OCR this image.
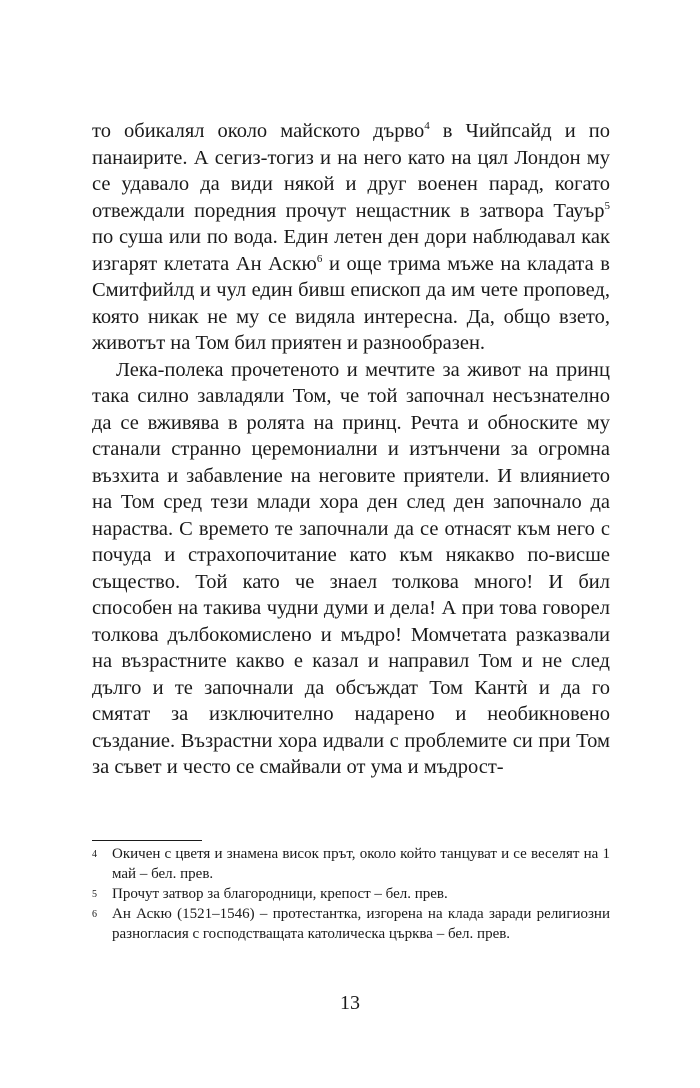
то обикалял около майското дърво$^4$ в Чийпсайд и по панаирите. А сегиз-тогиз и на него като на цял Лондон му се удавало да види някой и друг военен парад, когато отвеждали поредния прочут нещастник в затвора Тауър$^5$ по суша или по вода. Един летен ден дори наблюдавал как изгарят клетата Ан Аскю$^6$ и още трима мъже на кладата в Смитфийлд и чул един бивш епископ да им чете проповед, която никак не му се видяла интересна. Да, общо взето, животът на Том бил приятен и разнообразен.

Лека-полека прочетеното и мечтите за живот на принц така силно завладяли Том, че той започнал несъзнателно да се вживява в ролята на принц. Речта и обноските му станали странно церемониални и изтънчени за огромна възхита и забавление на неговите приятели. И влиянието на Том сред тези млади хора ден след ден започнало да нараства. С времето те започнали да се отнасят към него с почуда и страхопочитание като към някакво по-висше същество. Той като че знаел толкова много! И бил способен на такива чудни думи и дела! А при това говорел толкова дълбокомислено и мъдро! Момчетата разказвали на възрастните какво е казал и направил Том и не след дълго и те започнали да обсъждат Том Кантѝ и да го смятат за изключително надарено и необикновено създание. Възрастни хора идвали с проблемите си при Том за съвет и често се смайвали от ума и мъдрост-

4 Окичен с цветя и знамена висок прът, около който танцуват и се веселят на 1 май – бел. прев.
5 Прочут затвор за благородници, крепост – бел. прев.
6 Ан Аскю (1521–1546) – протестантка, изгорена на клада заради религиозни разногласия с господстващата католическа църква – бел. прев.
13
